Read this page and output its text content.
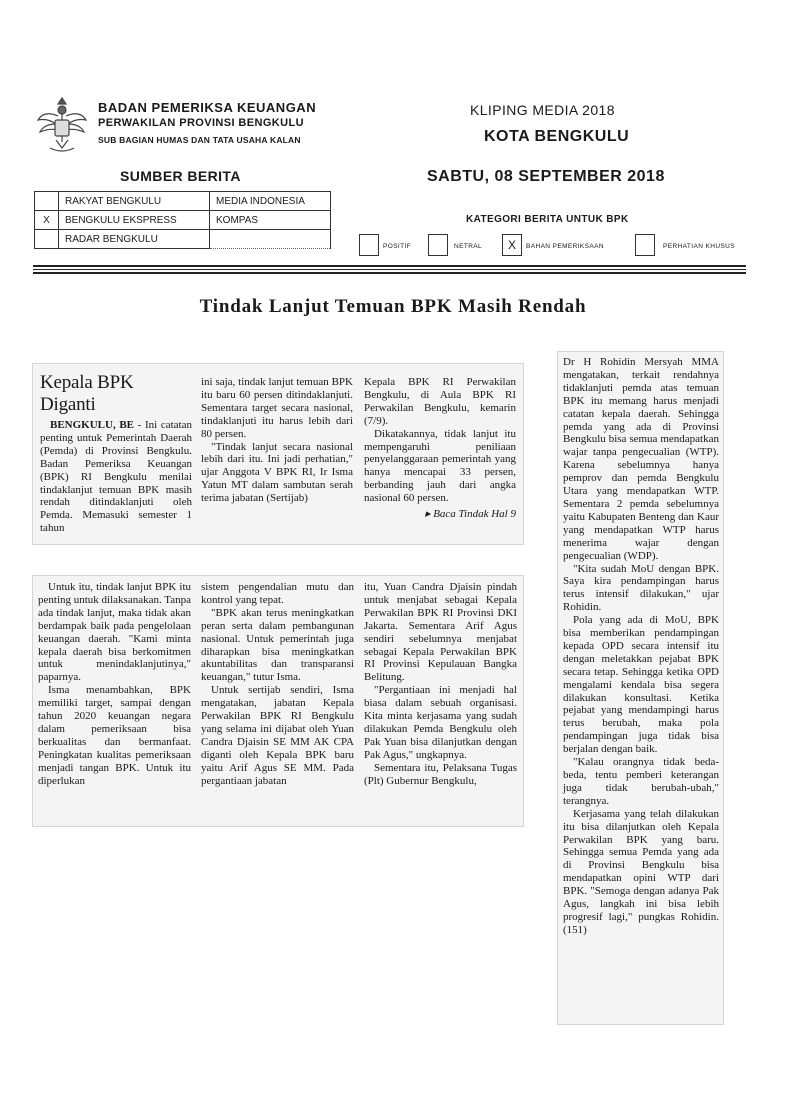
BADAN PEMERIKSA KEUANGAN
PERWAKILAN PROVINSI BENGKULU
SUB BAGIAN HUMAS DAN TATA USAHA KALAN
KLIPING MEDIA 2018
KOTA BENGKULU
SUMBER BERITA	SABTU, 08 SEPTEMBER 2018
	RAKYAT BENGKULU	MEDIA INDONESIA
X	BENGKULU EKSPRESS	KOMPAS
	RADAR BENGKULU	
KATEGORI BERITA UNTUK BPK
POSITIF	NETRAL	X	BAHAN PEMERIKSAAN	PERHATIAN KHUSUS
Tindak Lanjut Temuan BPK Masih Rendah
Kepala BPK Diganti

BENGKULU, BE - Ini catatan penting untuk Pemerintah Daerah (Pemda) di Provinsi Bengkulu. Badan Pemeriksa Keuangan (BPK) RI Bengkulu menilai tindaklanjut temuan BPK masih rendah ditindaklanjuti oleh Pemda. Memasuki semester 1 tahun

ini saja, tindak lanjut temuan BPK itu baru 60 persen ditindaklanjuti. Sementara target secara nasional, tindaklanjuti itu harus lebih dari 80 persen.

"Tindak lanjut secara nasional lebih dari itu. Ini jadi perhatian," ujar Anggota V BPK RI, Ir Isma Yatun MT dalam sambutan serah terima jabatan (Sertijab)

Kepala BPK RI Perwakilan Bengkulu, di Aula BPK RI Perwakilan Bengkulu, kemarin (7/9).

Dikatakannya, tidak lanjut itu mempengaruhi peniliaan penyelanggaraan pemerintah yang hanya mencapai 33 persen, berbanding jauh dari angka nasional 60 persen.

▸ Baca Tindak Hal 9

Untuk itu, tindak lanjut BPK itu penting untuk dilaksanakan. Tanpa ada tindak lanjut, maka tidak akan berdampak baik pada pengelolaan keuangan daerah. "Kami minta kepala daerah bisa berkomitmen untuk menindaklanjutinya," paparnya.

Isma menambahkan, BPK memiliki target, sampai dengan tahun 2020 keuangan negara dalam pemeriksaan bisa berkualitas dan bermanfaat. Peningkatan kualitas pemeriksaan menjadi tangan BPK. Untuk itu diperlukan

sistem pengendalian mutu dan kontrol yang tepat.

"BPK akan terus meningkatkan peran serta dalam pembangunan nasional. Untuk pemerintah juga diharapkan bisa meningkatkan akuntabilitas dan transparansi keuangan," tutur Isma.

Untuk sertijab sendiri, Isma mengatakan, jabatan Kepala Perwakilan BPK RI Bengkulu yang selama ini dijabat oleh Yuan Candra Djaisin SE MM AK CPA diganti oleh Kepala BPK baru yaitu Arif Agus SE MM. Pada pergantiaan jabatan

itu, Yuan Candra Djaisin pindah untuk menjabat sebagai Kepala Perwakilan BPK RI Provinsi DKI Jakarta. Sementara Arif Agus sendiri sebelumnya menjabat sebagai Kepala Perwakilan BPK RI Provinsi Kepulauan Bangka Belitung.

"Pergantiaan ini menjadi hal biasa dalam sebuah organisasi. Kita minta kerjasama yang sudah dilakukan Pemda Bengkulu oleh Pak Yuan bisa dilanjutkan dengan Pak Agus," ungkapnya.

Sementara itu, Pelaksana Tugas (Plt) Gubernur Bengkulu,

Dr H Rohidin Mersyah MMA mengatakan, terkait rendahnya tidaklanjuti pemda atas temuan BPK itu memang harus menjadi catatan kepala daerah. Sehingga pemda yang ada di Provinsi Bengkulu bisa semua mendapatkan wajar tanpa pengecualian (WTP). Karena sebelumnya hanya pemprov dan pemda Bengkulu Utara yang mendapatkan WTP. Sementara 2 pemda sebelumnya yaitu Kabupaten Benteng dan Kaur yang mendapatkan WTP harus menerima wajar dengan pengecualian (WDP).

"Kita sudah MoU dengan BPK. Saya kira pendampingan harus terus intensif dilakukan," ujar Rohidin.

Pola yang ada di MoU, BPK bisa memberikan pendampingan kepada OPD secara intensif itu dengan meletakkan pejabat BPK secara tetap. Sehingga ketika OPD mengalami kendala bisa segera dilakukan konsultasi. Ketika pejabat yang mendampingi harus terus berubah, maka pola pendampingan juga tidak bisa berjalan dengan baik.

"Kalau orangnya tidak beda-beda, tentu pemberi keterangan juga tidak berubah-ubah," terangnya.

Kerjasama yang telah dilakukan itu bisa dilanjutkan oleh Kepala Perwakilan BPK yang baru. Sehingga semua Pemda yang ada di Provinsi Bengkulu bisa mendapatkan opini WTP dari BPK. "Semoga dengan adanya Pak Agus, langkah ini bisa lebih progresif lagi," pungkas Rohidin. (151)
